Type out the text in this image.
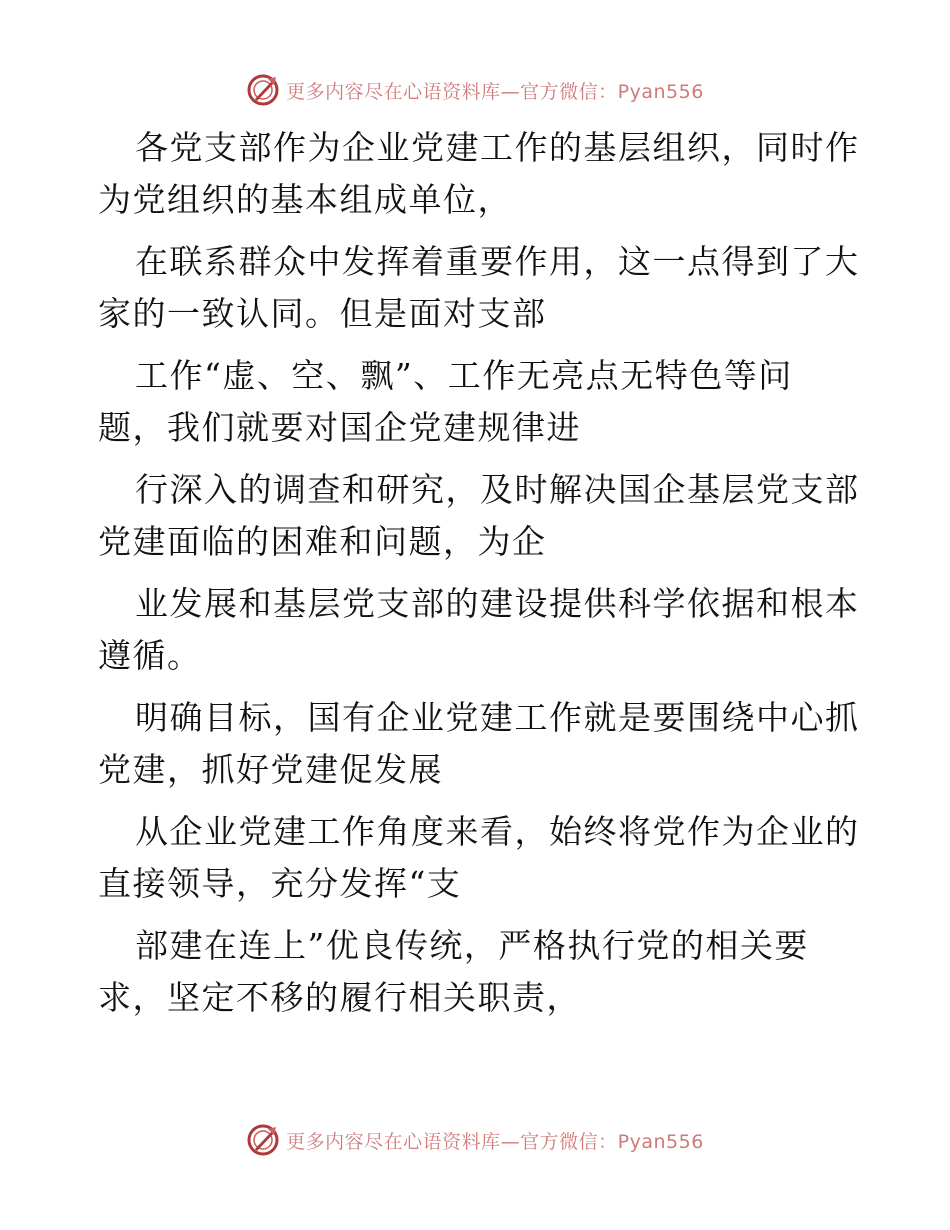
更多内容尽在心语资料库—官方微信：Pyan556
各党支部作为企业党建工作的基层组织，同时作
为党组织的基本组成单位，
在联系群众中发挥着重要作用，这一点得到了大
家的一致认同。但是面对支部
工作“虚、空、飘”、工作无亮点无特色等问
题，我们就要对国企党建规律进
行深入的调查和研究，及时解决国企基层党支部
党建面临的困难和问题，为企
业发展和基层党支部的建设提供科学依据和根本
遵循。
明确目标，国有企业党建工作就是要围绕中心抓
党建，抓好党建促发展
从企业党建工作角度来看，始终将党作为企业的
直接领导，充分发挥“支
部建在连上”优良传统，严格执行党的相关要
求，坚定不移的履行相关职责，
更多内容尽在心语资料库—官方微信：Pyan556
